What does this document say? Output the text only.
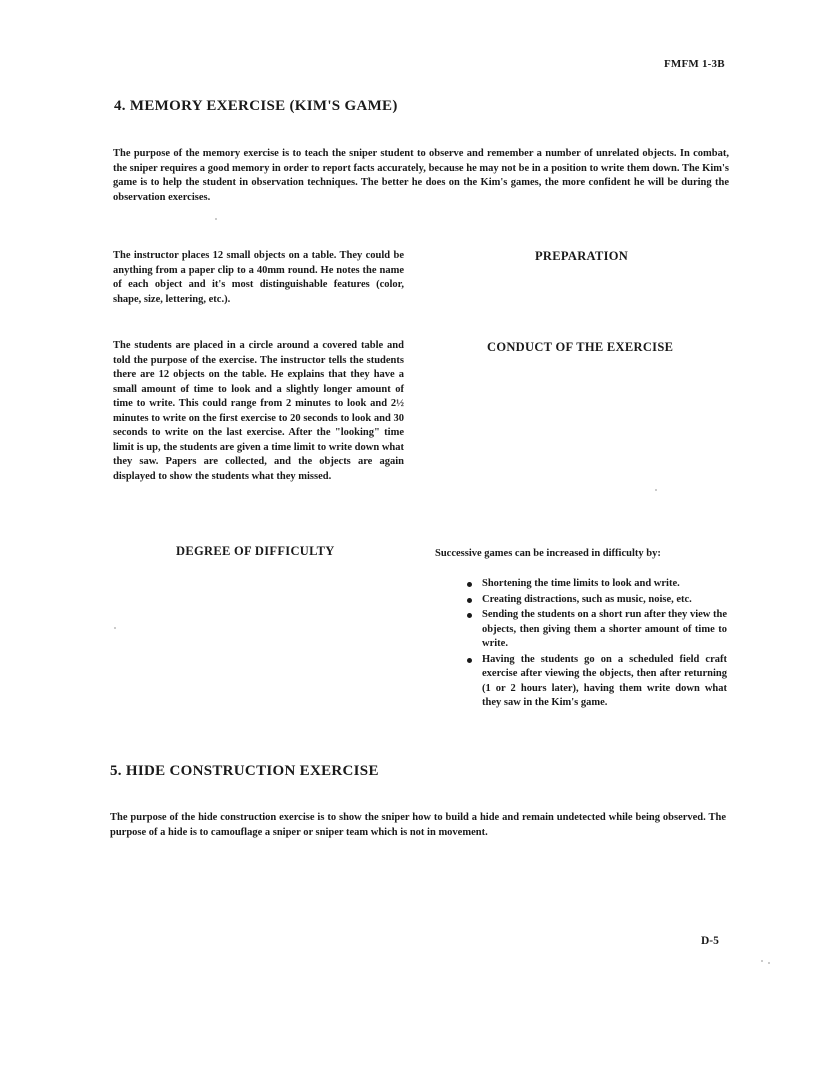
FMFM 1-3B
4. MEMORY EXERCISE (KIM'S GAME)
The purpose of the memory exercise is to teach the sniper student to observe and remember a number of unrelated objects. In combat, the sniper requires a good memory in order to report facts accurately, because he may not be in a position to write them down. The Kim's game is to help the student in observation techniques. The better he does on the Kim's games, the more confident he will be during the observation exercises.
The instructor places 12 small objects on a table. They could be anything from a paper clip to a 40mm round. He notes the name of each object and it's most distinguishable features (color, shape, size, lettering, etc.).
PREPARATION
The students are placed in a circle around a covered table and told the purpose of the exercise. The instructor tells the students there are 12 objects on the table. He explains that they have a small amount of time to look and a slightly longer amount of time to write. This could range from 2 minutes to look and 2½ minutes to write on the first exercise to 20 seconds to look and 30 seconds to write on the last exercise. After the "looking" time limit is up, the students are given a time limit to write down what they saw. Papers are collected, and the objects are again displayed to show the students what they missed.
CONDUCT OF THE EXERCISE
DEGREE OF DIFFICULTY	Successive games can be increased in difficulty by:
Shortening the time limits to look and write.
Creating distractions, such as music, noise, etc.
Sending the students on a short run after they view the objects, then giving them a shorter amount of time to write.
Having the students go on a scheduled field craft exercise after viewing the objects, then after returning (1 or 2 hours later), having them write down what they saw in the Kim's game.
5. HIDE CONSTRUCTION EXERCISE
The purpose of the hide construction exercise is to show the sniper how to build a hide and remain undetected while being observed. The purpose of a hide is to camouflage a sniper or sniper team which is not in movement.
D-5
